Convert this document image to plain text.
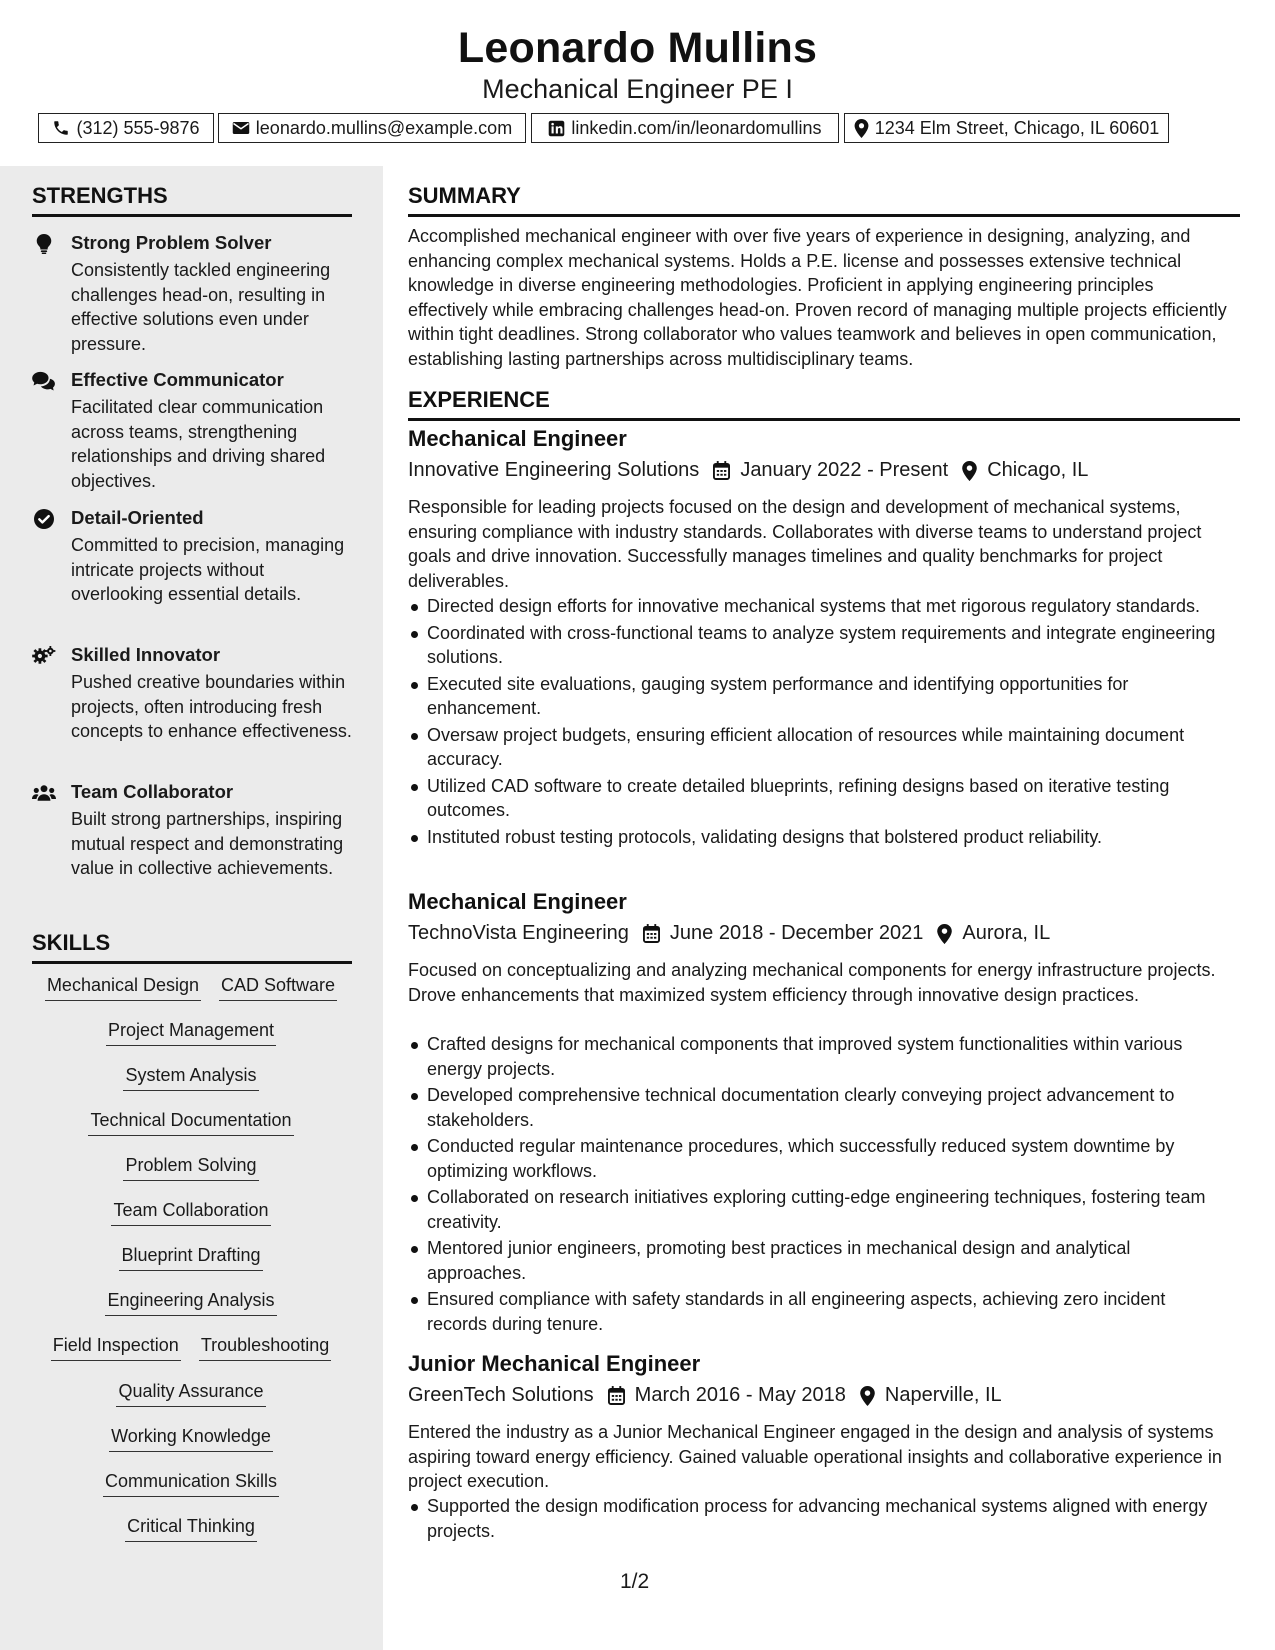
Leonardo Mullins
Mechanical Engineer PE I
(312) 555-9876	leonardo.mullins@example.com	linkedin.com/in/leonardomullins	1234 Elm Street, Chicago, IL 60601
STRENGTHS
Strong Problem Solver
Consistently tackled engineering challenges head-on, resulting in effective solutions even under pressure.
Effective Communicator
Facilitated clear communication across teams, strengthening relationships and driving shared objectives.
Detail-Oriented
Committed to precision, managing intricate projects without overlooking essential details.
Skilled Innovator
Pushed creative boundaries within projects, often introducing fresh concepts to enhance effectiveness.
Team Collaborator
Built strong partnerships, inspiring mutual respect and demonstrating value in collective achievements.
SKILLS
Mechanical Design CAD Software
Project Management
System Analysis
Technical Documentation
Problem Solving
Team Collaboration
Blueprint Drafting
Engineering Analysis
Field Inspection Troubleshooting
Quality Assurance
Working Knowledge
Communication Skills
Critical Thinking
SUMMARY
Accomplished mechanical engineer with over five years of experience in designing, analyzing, and enhancing complex mechanical systems. Holds a P.E. license and possesses extensive technical knowledge in diverse engineering methodologies. Proficient in applying engineering principles effectively while embracing challenges head-on. Proven record of managing multiple projects efficiently within tight deadlines. Strong collaborator who values teamwork and believes in open communication, establishing lasting partnerships across multidisciplinary teams.
EXPERIENCE
Mechanical Engineer
Innovative Engineering Solutions January 2022 - Present Chicago, IL
Responsible for leading projects focused on the design and development of mechanical systems, ensuring compliance with industry standards. Collaborates with diverse teams to understand project goals and drive innovation. Successfully manages timelines and quality benchmarks for project deliverables.
Directed design efforts for innovative mechanical systems that met rigorous regulatory standards.
Coordinated with cross-functional teams to analyze system requirements and integrate engineering solutions.
Executed site evaluations, gauging system performance and identifying opportunities for enhancement.
Oversaw project budgets, ensuring efficient allocation of resources while maintaining document accuracy.
Utilized CAD software to create detailed blueprints, refining designs based on iterative testing outcomes.
Instituted robust testing protocols, validating designs that bolstered product reliability.
Mechanical Engineer
TechnoVista Engineering June 2018 - December 2021 Aurora, IL
Focused on conceptualizing and analyzing mechanical components for energy infrastructure projects. Drove enhancements that maximized system efficiency through innovative design practices.
Crafted designs for mechanical components that improved system functionalities within various energy projects.
Developed comprehensive technical documentation clearly conveying project advancement to stakeholders.
Conducted regular maintenance procedures, which successfully reduced system downtime by optimizing workflows.
Collaborated on research initiatives exploring cutting-edge engineering techniques, fostering team creativity.
Mentored junior engineers, promoting best practices in mechanical design and analytical approaches.
Ensured compliance with safety standards in all engineering aspects, achieving zero incident records during tenure.
Junior Mechanical Engineer
GreenTech Solutions March 2016 - May 2018 Naperville, IL
Entered the industry as a Junior Mechanical Engineer engaged in the design and analysis of systems aspiring toward energy efficiency. Gained valuable operational insights and collaborative experience in project execution.
Supported the design modification process for advancing mechanical systems aligned with energy projects.
1/2
